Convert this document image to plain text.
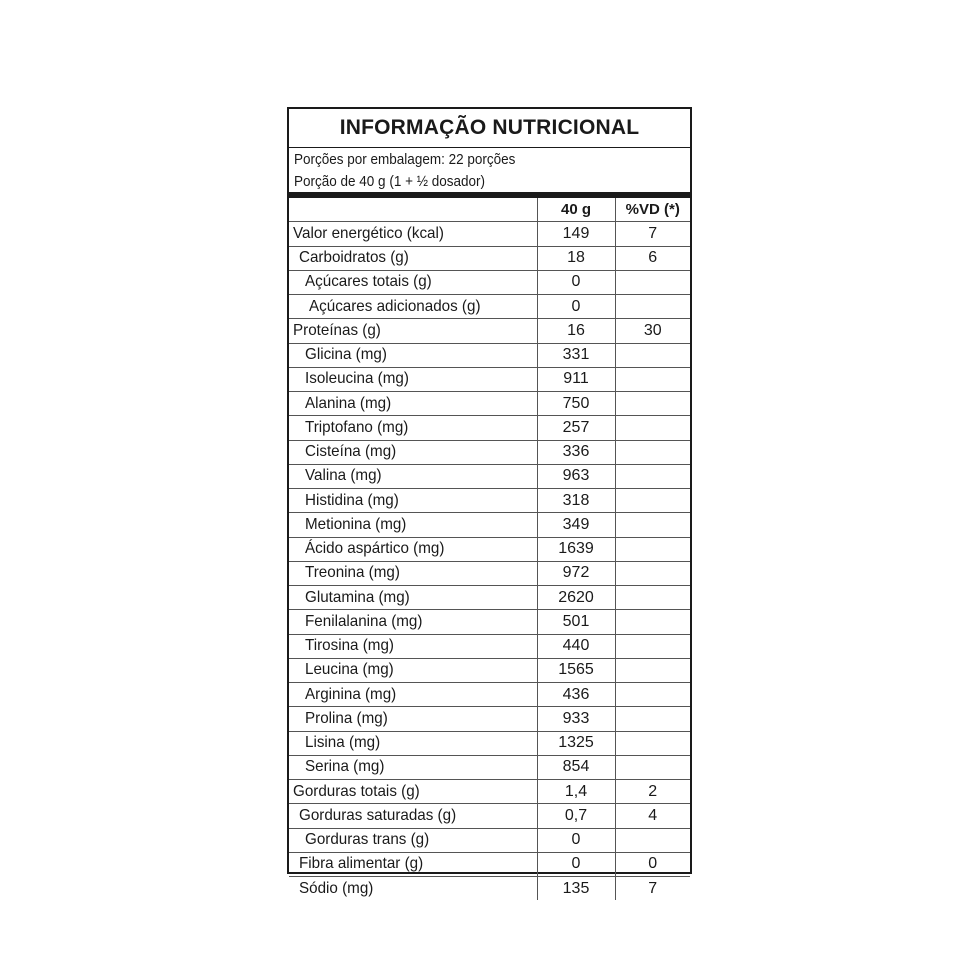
INFORMAÇÃO NUTRICIONAL
Porções por embalagem: 22 porções
Porção de 40 g (1 + ½ dosador)
	40 g	%VD (*)
Valor energético (kcal)	149	7
Carboidratos (g)	18	6
Açúcares totais (g)	0	
Açúcares adicionados (g)	0	
Proteínas (g)	16	30
Glicina (mg)	331	
Isoleucina (mg)	911	
Alanina (mg)	750	
Triptofano (mg)	257	
Cisteína (mg)	336	
Valina (mg)	963	
Histidina (mg)	318	
Metionina (mg)	349	
Ácido aspártico (mg)	1639	
Treonina (mg)	972	
Glutamina (mg)	2620	
Fenilalanina (mg)	501	
Tirosina (mg)	440	
Leucina (mg)	1565	
Arginina (mg)	436	
Prolina (mg)	933	
Lisina (mg)	1325	
Serina (mg)	854	
Gorduras totais (g)	1,4	2
Gorduras saturadas (g)	0,7	4
Gorduras trans (g)	0	
Fibra alimentar (g)	0	0
Sódio (mg)	135	7
